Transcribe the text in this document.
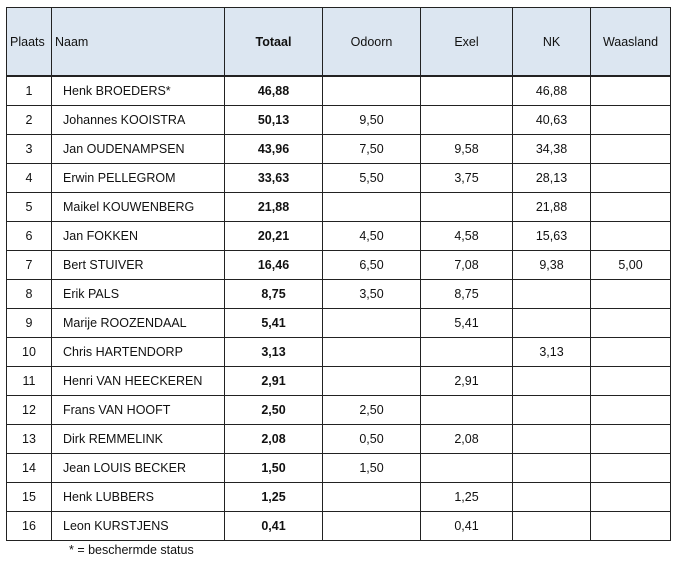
Plaats	Naam	Totaal	Odoorn	Exel	NK	Waasland
1	Henk BROEDERS*	46,88			46,88	
2	Johannes KOOISTRA	50,13	9,50		40,63	
3	Jan OUDENAMPSEN	43,96	7,50	9,58	34,38	
4	Erwin PELLEGROM	33,63	5,50	3,75	28,13	
5	Maikel KOUWENBERG	21,88			21,88	
6	Jan FOKKEN	20,21	4,50	4,58	15,63	
7	Bert STUIVER	16,46	6,50	7,08	9,38	5,00
8	Erik PALS	8,75	3,50	8,75		
9	Marije ROOZENDAAL	5,41		5,41		
10	Chris HARTENDORP	3,13			3,13	
11	Henri VAN HEECKEREN	2,91		2,91		
12	Frans VAN HOOFT	2,50	2,50			
13	Dirk REMMELINK	2,08	0,50	2,08		
14	Jean LOUIS BECKER	1,50	1,50			
15	Henk LUBBERS	1,25		1,25		
16	Leon KURSTJENS	0,41		0,41		
* = beschermde status
